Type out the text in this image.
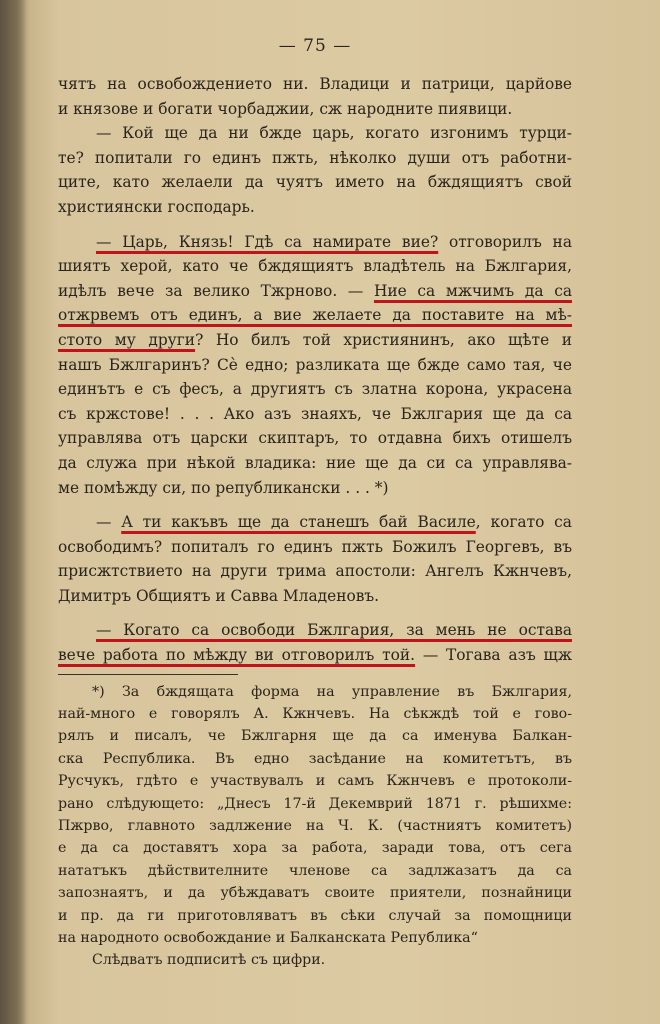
— 75 —
чятъ на освобождението ни. Владици и патрици, царйове
и князове и богати чорбаджии, сж народните пиявици.
— Кой ще да ни бжде царь, когато изгонимъ турци-
те? попитали го единъ пжть, нѣколко души отъ работни-
ците, като желаели да чуятъ името на бждящиятъ свой
християнски господарь.
— Царь, Князь! Гдѣ са намирате вие? отговорилъ на
шиятъ херой, като че бждящиятъ владѣтель на Бжлгария,
идѣлъ вече за велико Тжрново. — Ние са мжчимъ да са
отжрвемъ отъ единъ, а вие желаете да поставите на мѣ-
стото му други? Но билъ той християнинъ, ако щѣте и
нашъ Бжлгаринъ? Сѐ едно; разликата ще бжде само тая, че
единътъ е съ фесъ, а другиятъ съ златна корона, украсена
съ кржстове! . . . Ако азъ знаяхъ, че Бжлгария ще да са
управлява отъ царски скиптаръ, то отдавна бихъ отишелъ
да служа при нѣкой владика: ние ще да си са управлява-
ме помѣжду си, по републикански . . . *)
— А ти какъвъ ще да станешъ бай Василе, когато са
освободимъ? попиталъ го единъ пжть Божилъ Георгевъ, въ
присжтствието на други трима апостоли: Ангелъ Кжнчевъ,
Димитръ Общиятъ и Савва Младеновъ.
— Когато са освободи Бжлгария, за мень не остава
вече работа по мѣжду ви отговорилъ той. — Тогава азъ щж
*) За бждящата форма на управление въ Бжлгария,
най-много е говорялъ А. Кжнчевъ. На сѣкждѣ той е гово-
рялъ и писалъ, че Бжлгарня ще да са именува Балкан-
ска Республика. Въ едно засѣдание на комитетътъ, въ
Русчукъ, гдѣто е участвувалъ и самъ Кжнчевъ е протоколи-
рано слѣдующето: „Днесъ 17-й Декемврий 1871 г. рѣшихме:
Пжрво, главното задлжение на Ч. К. (частниятъ комитетъ)
е да са доставятъ хора за работа, заради това, отъ сега
нататъкъ дѣйствителните членове са задлжазатъ да са
запознаятъ, и да убѣждаватъ своите приятели, познайници
и пр. да ги приготовляватъ въ сѣки случай за помощници
на народното освобождание и Балканската Република“
Слѣдватъ подписитѣ съ цифри.
